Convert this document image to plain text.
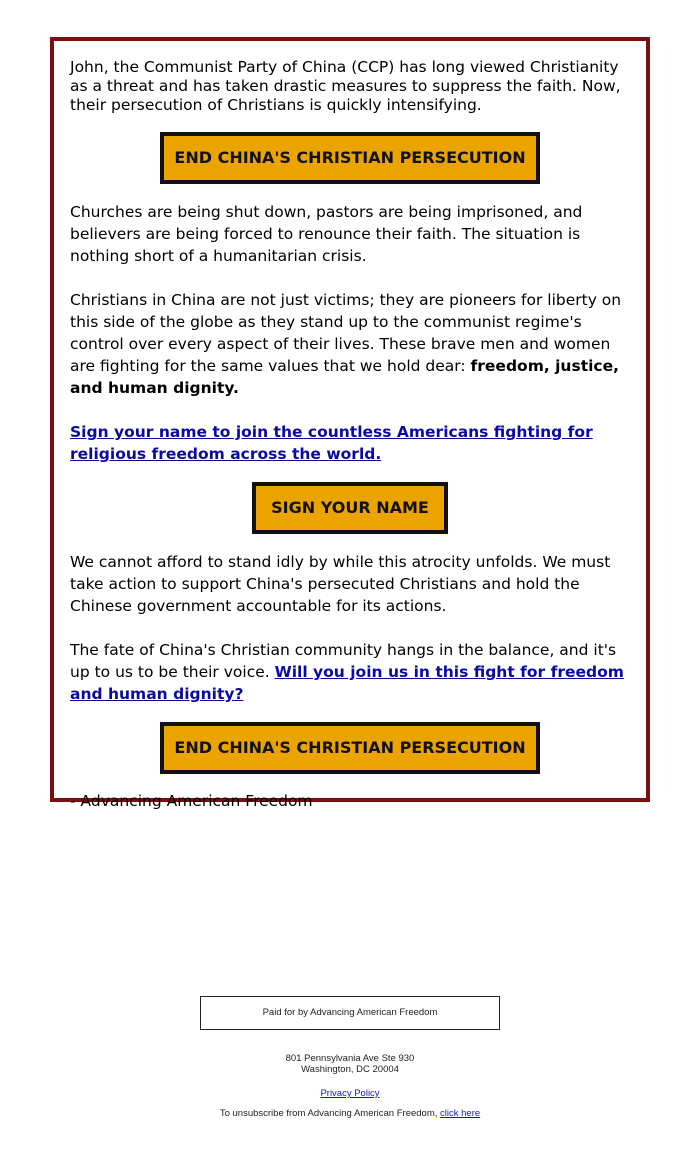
John, the Communist Party of China (CCP) has long viewed Christianity as a threat and has taken drastic measures to suppress the faith. Now, their persecution of Christians is quickly intensifying.

END CHINA'S CHRISTIAN PERSECUTION

Churches are being shut down, pastors are being imprisoned, and believers are being forced to renounce their faith. The situation is nothing short of a humanitarian crisis.

Christians in China are not just victims; they are pioneers for liberty on this side of the globe as they stand up to the communist regime's control over every aspect of their lives. These brave men and women are fighting for the same values that we hold dear: freedom, justice, and human dignity.

Sign your name to join the countless Americans fighting for religious freedom across the world.

SIGN YOUR NAME

We cannot afford to stand idly by while this atrocity unfolds. We must take action to support China's persecuted Christians and hold the Chinese government accountable for its actions.

The fate of China's Christian community hangs in the balance, and it's up to us to be their voice. Will you join us in this fight for freedom and human dignity?

END CHINA'S CHRISTIAN PERSECUTION

- Advancing American Freedom

Paid for by Advancing American Freedom
801 Pennsylvania Ave Ste 930
Washington, DC 20004
Privacy Policy
To unsubscribe from Advancing American Freedom, click here
